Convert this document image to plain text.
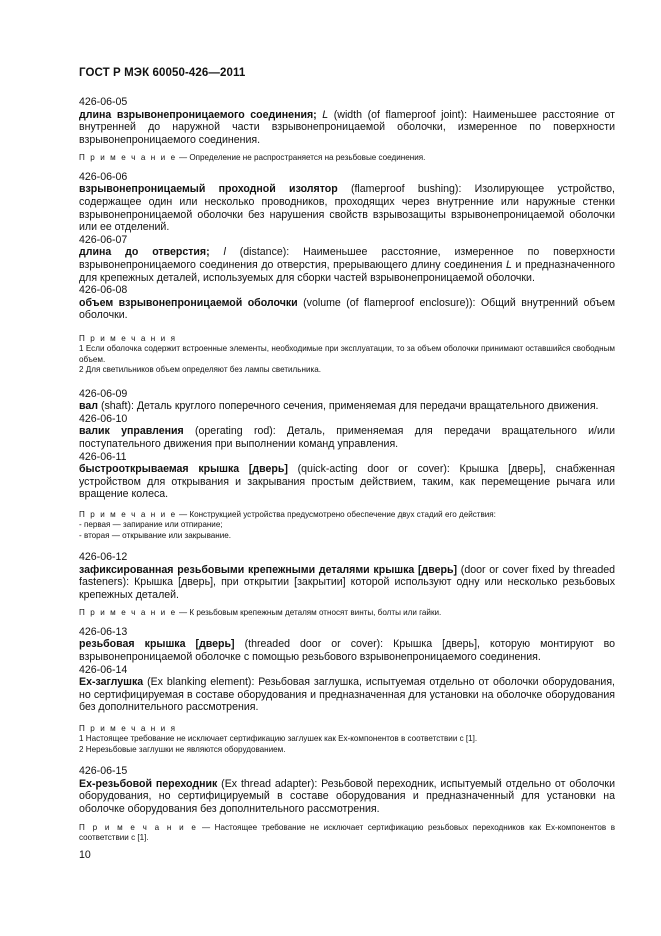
ГОСТ Р МЭК 60050-426—2011
426-06-05
длина взрывонепроницаемого соединения; L (width (of flameproof joint): Наименьшее расстояние от внутренней до наружной части взрывонепроницаемой оболочки, измеренное по поверхности взрывонепроницаемого соединения.
П р и м е ч а н и е — Определение не распространяется на резьбовые соединения.
426-06-06
взрывонепроницаемый проходной изолятор (flameproof bushing): Изолирующее устройство, содержащее один или несколько проводников, проходящих через внутренние или наружные стенки взрывонепроницаемой оболочки без нарушения свойств взрывозащиты взрывонепроницаемой оболочки или ее отделений.
426-06-07
длина до отверстия; l (distance): Наименьшее расстояние, измеренное по поверхности взрывонепроницаемого соединения до отверстия, прерывающего длину соединения L и предназначенного для крепежных деталей, используемых для сборки частей взрывонепроницаемой оболочки.
426-06-08
объем взрывонепроницаемой оболочки (volume (of flameproof enclosure)): Общий внутренний объем оболочки.
П р и м е ч а н и я
1 Если оболочка содержит встроенные элементы, необходимые при эксплуатации, то за объем оболочки принимают оставшийся свободным объем.
2 Для светильников объем определяют без лампы светильника.
426-06-09
вал (shaft): Деталь круглого поперечного сечения, применяемая для передачи вращательного движения.
426-06-10
валик управления (operating rod): Деталь, применяемая для передачи вращательного и/или поступательного движения при выполнении команд управления.
426-06-11
быстрооткрываемая крышка [дверь] (quick-acting door or cover): Крышка [дверь], снабженная устройством для открывания и закрывания простым действием, таким, как перемещение рычага или вращение колеса.
П р и м е ч а н и е — Конструкцией устройства предусмотрено обеспечение двух стадий его действия:
- первая — запирание или отпирание;
- вторая — открывание или закрывание.
426-06-12
зафиксированная резьбовыми крепежными деталями крышка [дверь] (door or cover fixed by threaded fasteners): Крышка [дверь], при открытии [закрытии] которой используют одну или несколько резьбовых крепежных деталей.
П р и м е ч а н и е — К резьбовым крепежным деталям относят винты, болты или гайки.
426-06-13
резьбовая крышка [дверь] (threaded door or cover): Крышка [дверь], которую монтируют во взрывонепроницаемой оболочке с помощью резьбового взрывонепроницаемого соединения.
426-06-14
Ex-заглушка (Ex blanking element): Резьбовая заглушка, испытуемая отдельно от оболочки оборудования, но сертифицируемая в составе оборудования и предназначенная для установки на оболочке оборудования без дополнительного рассмотрения.
П р и м е ч а н и я
1 Настоящее требование не исключает сертификацию заглушек как Ex-компонентов в соответствии с [1].
2 Нерезьбовые заглушки не являются оборудованием.
426-06-15
Ex-резьбовой переходник (Ex thread adapter): Резьбовой переходник, испытуемый отдельно от оболочки оборудования, но сертифицируемый в составе оборудования и предназначенный для установки на оболочке оборудования без дополнительного рассмотрения.
П р и м е ч а н и е — Настоящее требование не исключает сертификацию резьбовых переходников как Ex-компонентов в соответствии с [1].
10
